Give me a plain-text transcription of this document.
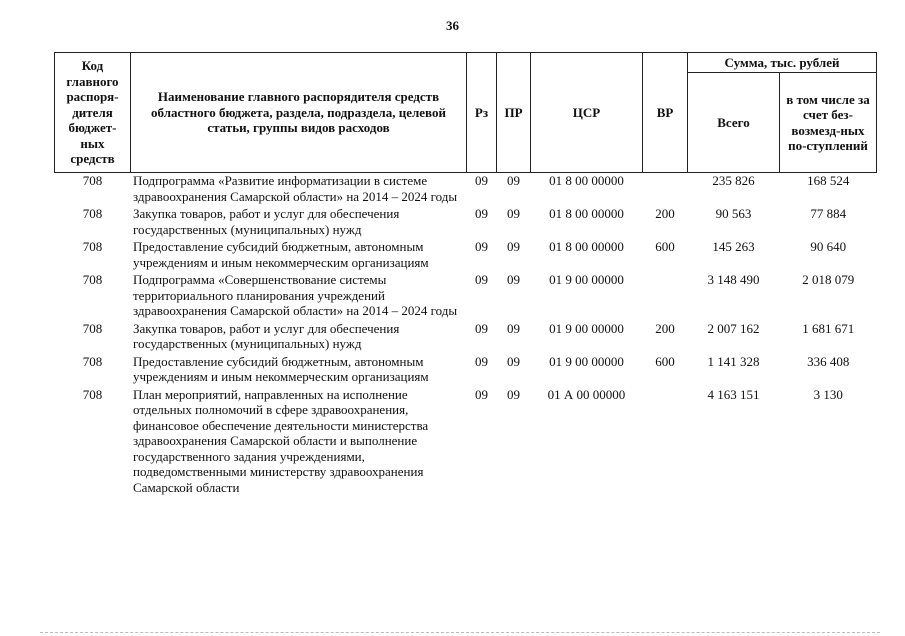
36
Код главного распоря-дителя бюджет-ных средств	Наименование главного распорядителя средств областного бюджета, раздела, подраздела, целевой статьи, группы видов расходов	Рз	ПР	ЦСР	ВР	Сумма, тыс. рублей	
						Всего	в том числе за счет без-возмезд-ных по-ступлений
708	Подпрограмма «Развитие информатизации в системе здравоохранения Самарской области» на 2014 – 2024 годы	09	09	01 8 00 00000		235 826	168 524
708	Закупка товаров, работ и услуг для обеспечения государственных (муниципальных) нужд	09	09	01 8 00 00000	200	90 563	77 884
708	Предоставление субсидий бюджетным, автономным учреждениям и иным некоммерческим организациям	09	09	01 8 00 00000	600	145 263	90 640
708	Подпрограмма «Совершенствование системы территориального планирования учреждений здравоохранения Самарской области» на 2014 – 2024 годы	09	09	01 9 00 00000		3 148 490	2 018 079
708	Закупка товаров, работ и услуг для обеспечения государственных (муниципальных) нужд	09	09	01 9 00 00000	200	2 007 162	1 681 671
708	Предоставление субсидий бюджетным, автономным учреждениям и иным некоммерческим организациям	09	09	01 9 00 00000	600	1 141 328	336 408
708	План мероприятий, направленных на исполнение отдельных полномочий в сфере здравоохранения, финансовое обеспечение деятельности министерства здравоохранения Самарской области и выполнение государственного задания учреждениями, подведомственными министерству здравоохранения Самарской области	09	09	01 А 00 00000		4 163 151	3 130
